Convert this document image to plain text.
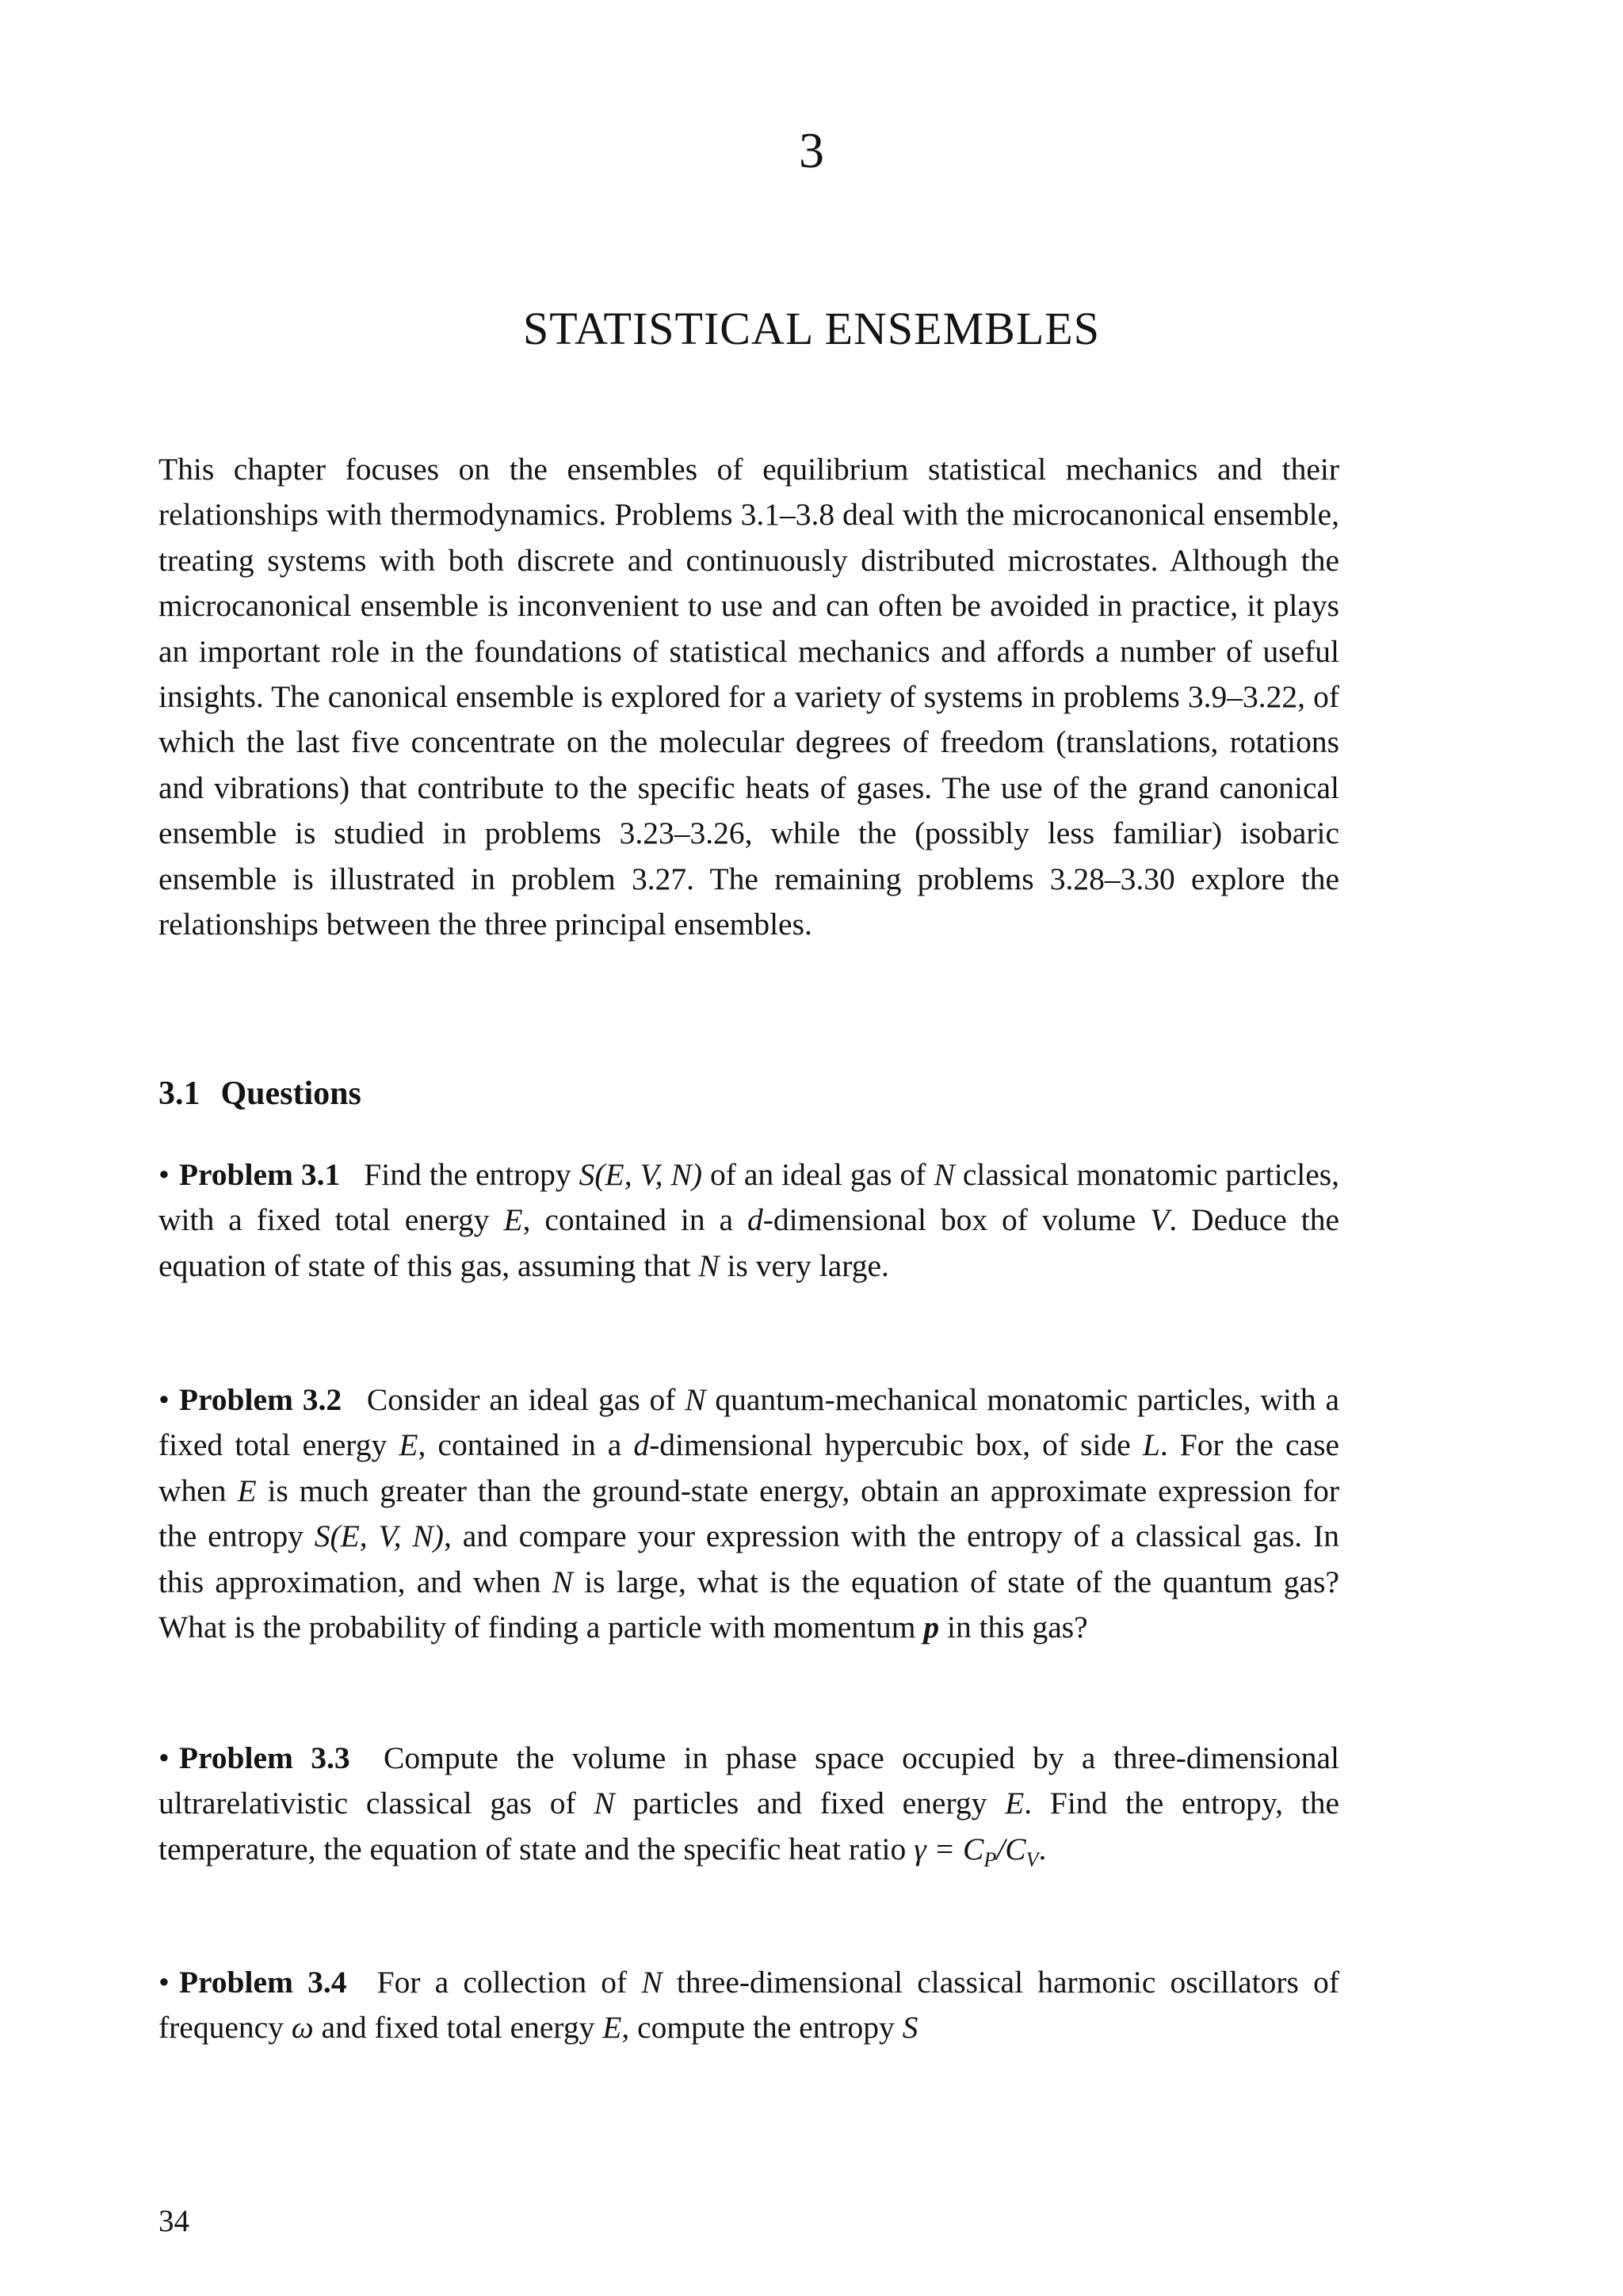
3
STATISTICAL ENSEMBLES

This chapter focuses on the ensembles of equilibrium statistical mechanics and their relationships with thermodynamics. Problems 3.1–3.8 deal with the microcanonical ensemble, treating systems with both discrete and continuously distributed microstates. Although the microcanonical ensemble is inconvenient to use and can often be avoided in practice, it plays an important role in the foundations of statistical mechanics and affords a number of useful insights. The canonical ensemble is explored for a variety of systems in problems 3.9–3.22, of which the last five concentrate on the molecular degrees of freedom (translations, rotations and vibrations) that contribute to the specific heats of gases. The use of the grand canonical ensemble is studied in problems 3.23–3.26, while the (possibly less familiar) isobaric ensemble is illustrated in problem 3.27. The remaining problems 3.28–3.30 explore the relationships between the three principal ensembles.

3.1 Questions

• Problem 3.1 Find the entropy S(E, V, N) of an ideal gas of N classical monatomic particles, with a fixed total energy E, contained in a d-dimensional box of volume V. Deduce the equation of state of this gas, assuming that N is very large.

• Problem 3.2 Consider an ideal gas of N quantum-mechanical monatomic particles, with a fixed total energy E, contained in a d-dimensional hypercubic box, of side L. For the case when E is much greater than the ground-state energy, obtain an approximate expression for the entropy S(E, V, N), and compare your expression with the entropy of a classical gas. In this approximation, and when N is large, what is the equation of state of the quantum gas? What is the probability of finding a particle with momentum p in this gas?

• Problem 3.3 Compute the volume in phase space occupied by a three-dimensional ultrarelativistic classical gas of N particles and fixed energy E. Find the entropy, the temperature, the equation of state and the specific heat ratio $\gamma = C_P/C_V$.

• Problem 3.4 For a collection of N three-dimensional classical harmonic oscillators of frequency ω and fixed total energy E, compute the entropy S

34
